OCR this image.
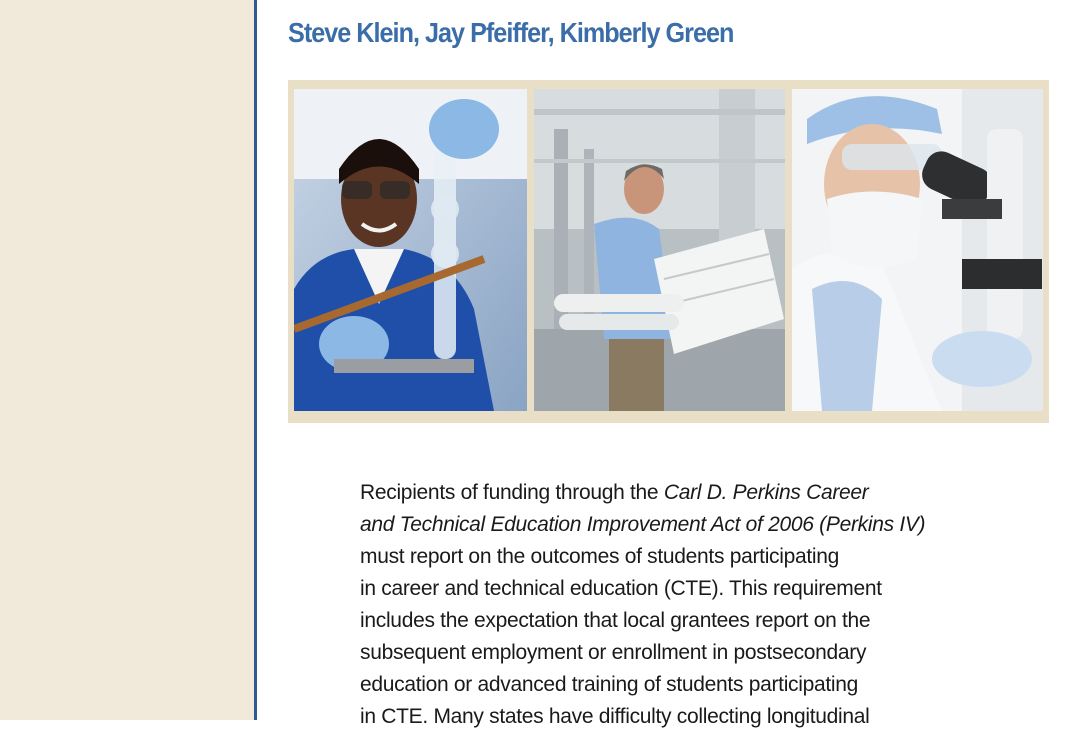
Steve Klein, Jay Pfeiffer, Kimberly Green
Recipients of funding through the Carl D. Perkins Career
and Technical Education Improvement Act of 2006 (Perkins IV)
must report on the outcomes of students participating
in career and technical education (CTE). This requirement
includes the expectation that local grantees report on the
subsequent employment or enrollment in postsecondary
education or advanced training of students participating
in CTE. Many states have difficulty collecting longitudinal
